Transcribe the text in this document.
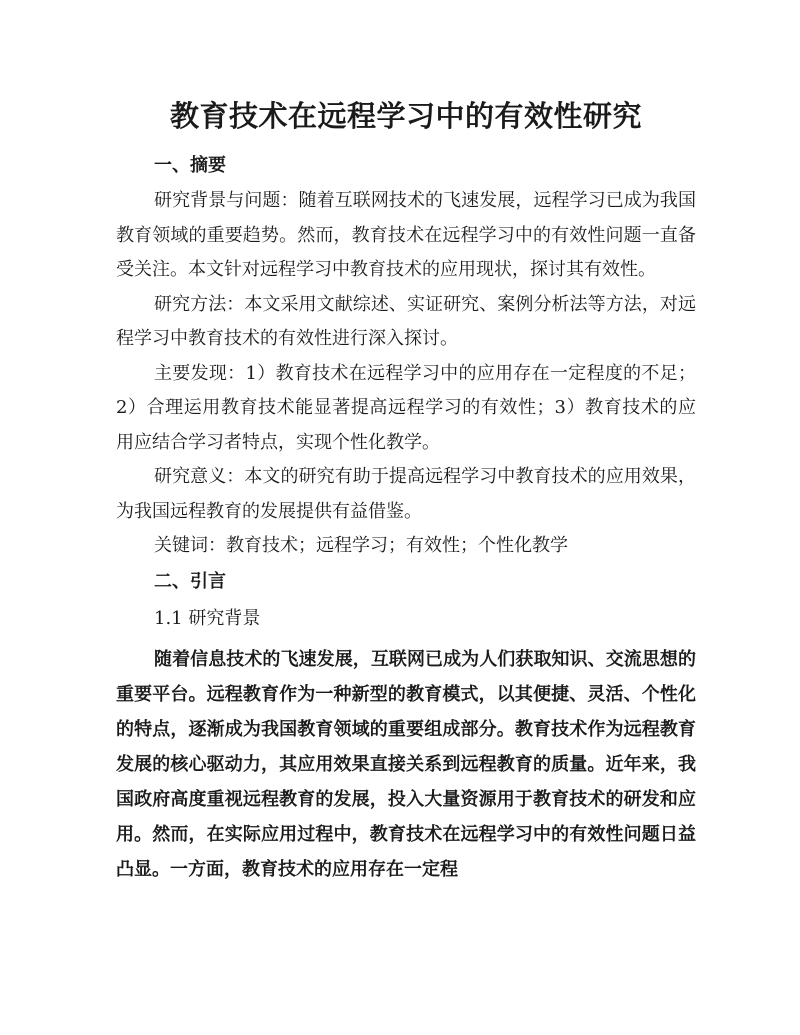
教育技术在远程学习中的有效性研究
一、摘要

研究背景与问题：随着互联网技术的飞速发展，远程学习已成为我国教育领域的重要趋势。然而，教育技术在远程学习中的有效性问题一直备受关注。本文针对远程学习中教育技术的应用现状，探讨其有效性。

研究方法：本文采用文献综述、实证研究、案例分析法等方法，对远程学习中教育技术的有效性进行深入探讨。

主要发现：1）教育技术在远程学习中的应用存在一定程度的不足；2）合理运用教育技术能显著提高远程学习的有效性；3）教育技术的应用应结合学习者特点，实现个性化教学。

研究意义：本文的研究有助于提高远程学习中教育技术的应用效果，为我国远程教育的发展提供有益借鉴。

关键词：教育技术；远程学习；有效性；个性化教学

二、引言
1.1 研究背景

随着信息技术的飞速发展，互联网已成为人们获取知识、交流思想的重要平台。远程教育作为一种新型的教育模式，以其便捷、灵活、个性化的特点，逐渐成为我国教育领域的重要组成部分。教育技术作为远程教育发展的核心驱动力，其应用效果直接关系到远程教育的质量。近年来，我国政府高度重视远程教育的发展，投入大量资源用于教育技术的研发和应用。然而，在实际应用过程中，教育技术在远程学习中的有效性问题日益凸显。一方面，教育技术的应用存在一定程
